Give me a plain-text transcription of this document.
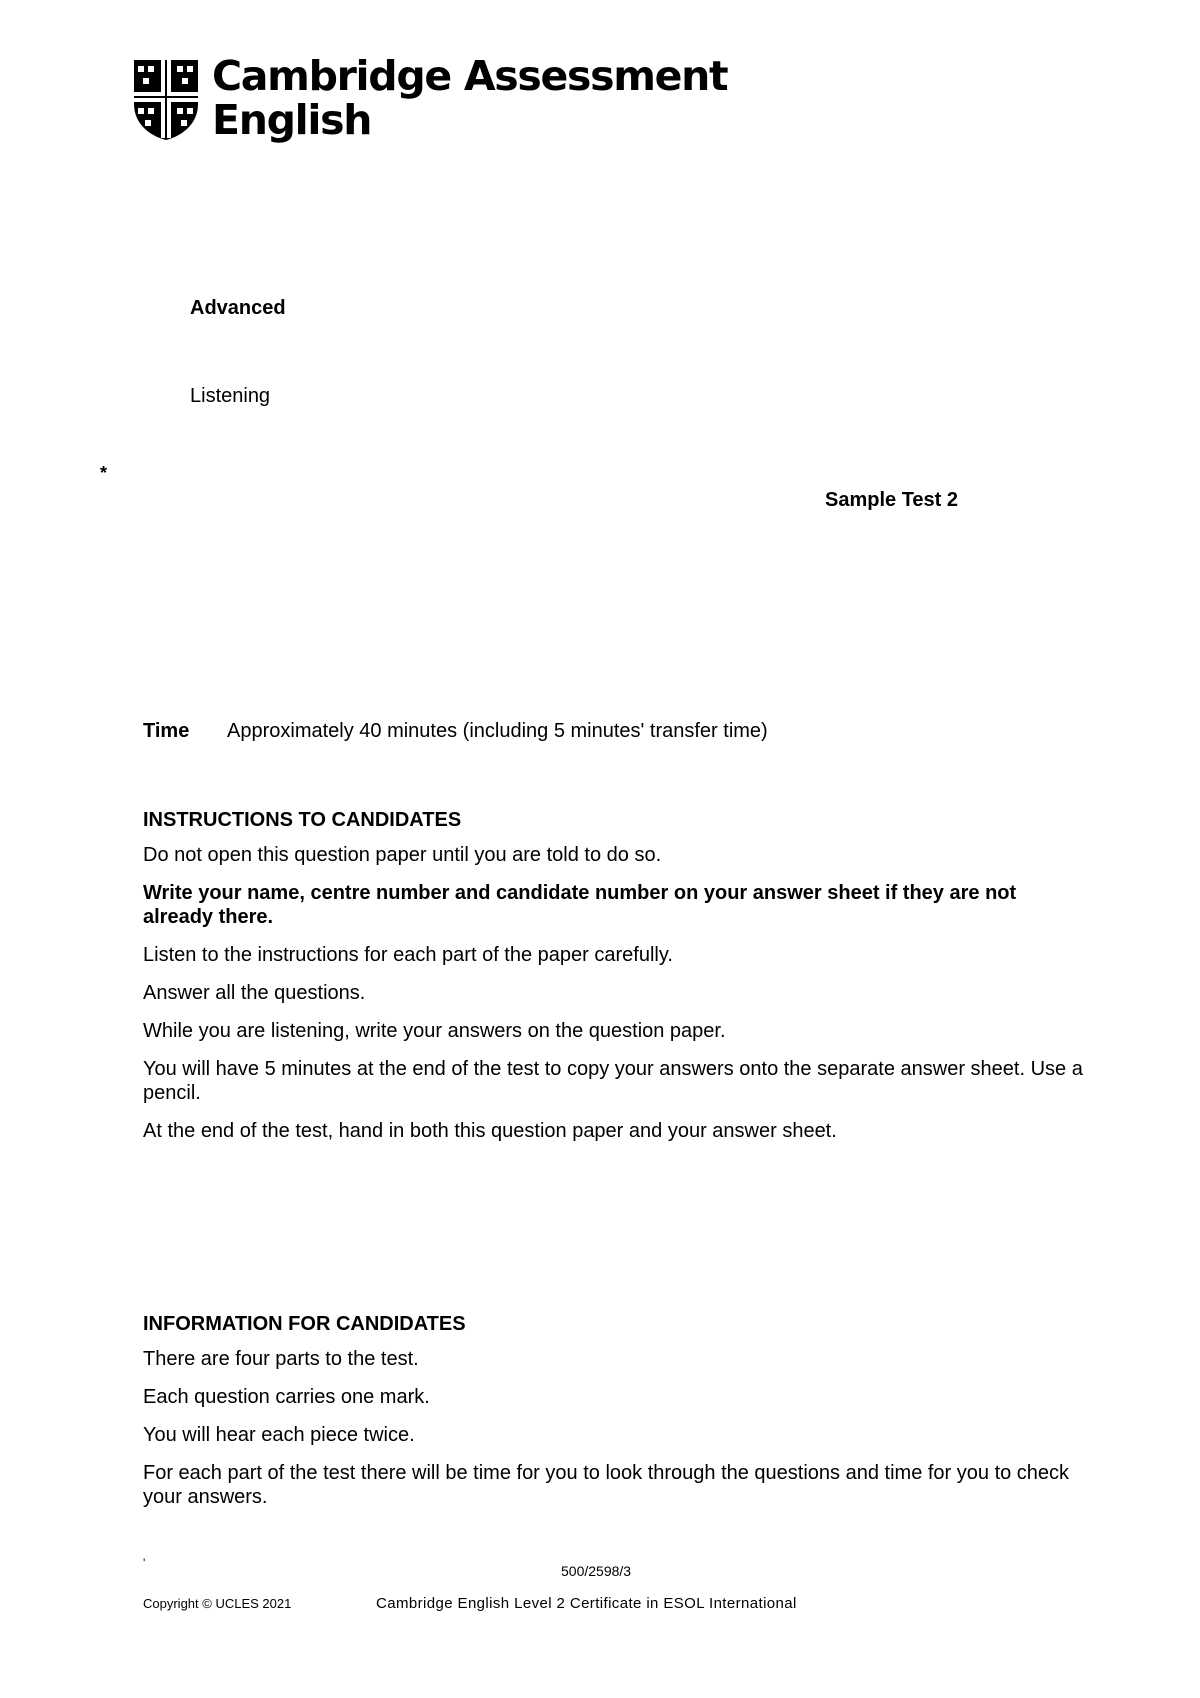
Cambridge Assessment
English
Advanced
Listening
*
Sample Test 2
Time Approximately 40 minutes (including 5 minutes' transfer time)
INSTRUCTIONS TO CANDIDATES

Do not open this question paper until you are told to do so.

Write your name, centre number and candidate number on your answer sheet if they are not already there.

Listen to the instructions for each part of the paper carefully.

Answer all the questions.

While you are listening, write your answers on the question paper.

You will have 5 minutes at the end of the test to copy your answers onto the separate answer sheet. Use a pencil.

At the end of the test, hand in both this question paper and your answer sheet.

INFORMATION FOR CANDIDATES

There are four parts to the test.

Each question carries one mark.

You will hear each piece twice.

For each part of the test there will be time for you to look through the questions and time for you to check your answers.

'	500/2598/3
Copyright © UCLES 2021	Cambridge English Level 2 Certificate in ESOL International
